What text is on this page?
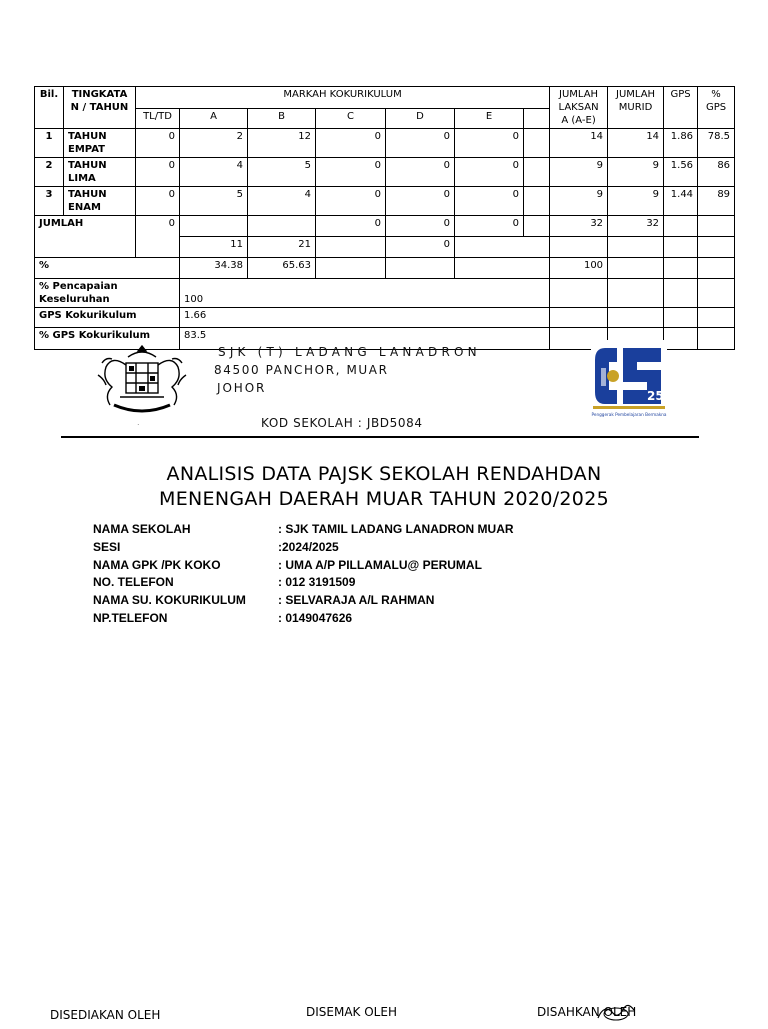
Bil.	TINGKATA N / TAHUN	MARKAH KOKURIKULUM							JUMLAH LAKSAN A (A-E)	JUMLAH MURID	GPS	% GPS
		TL/TD	A	B	C	D	E					
1	TAHUN EMPAT	0	2	12	0	0	0		14	14	1.86	78.5
2	TAHUN LIMA	0	4	5	0	0	0		9	9	1.56	86
3	TAHUN ENAM	0	5	4	0	0	0		9	9	1.44	89
JUMLAH		0			0	0	0		32	32		
			11	21		0						
%			34.38	65.63					100			
% Pencapaian Keseluruhan			100									
GPS Kokurikulum			1.66									
% GPS Kokurikulum			83.5									
SJK (T) LADANG LANADRON
84500 PANCHOR, MUAR
JOHOR
.	KOD SEKOLAH : JBD5084
25
Penggerak Pembelajaran Bermakna
ANALISIS DATA PAJSK SEKOLAH RENDAHDAN
MENENGAH DAERAH MUAR TAHUN 2020/2025
NAMA SEKOLAH	: SJK TAMIL LADANG LANADRON MUAR
SESI	:2024/2025
NAMA GPK /PK KOKO	: UMA A/P PILLAMALU@ PERUMAL
NO. TELEFON	: 012 3191509
NAMA SU. KOKURIKULUM	: SELVARAJA A/L RAHMAN
NP.TELEFON	: 0149047626
DISEDIAKAN OLEH	DISEMAK OLEH	DISAHKAN OLEH
